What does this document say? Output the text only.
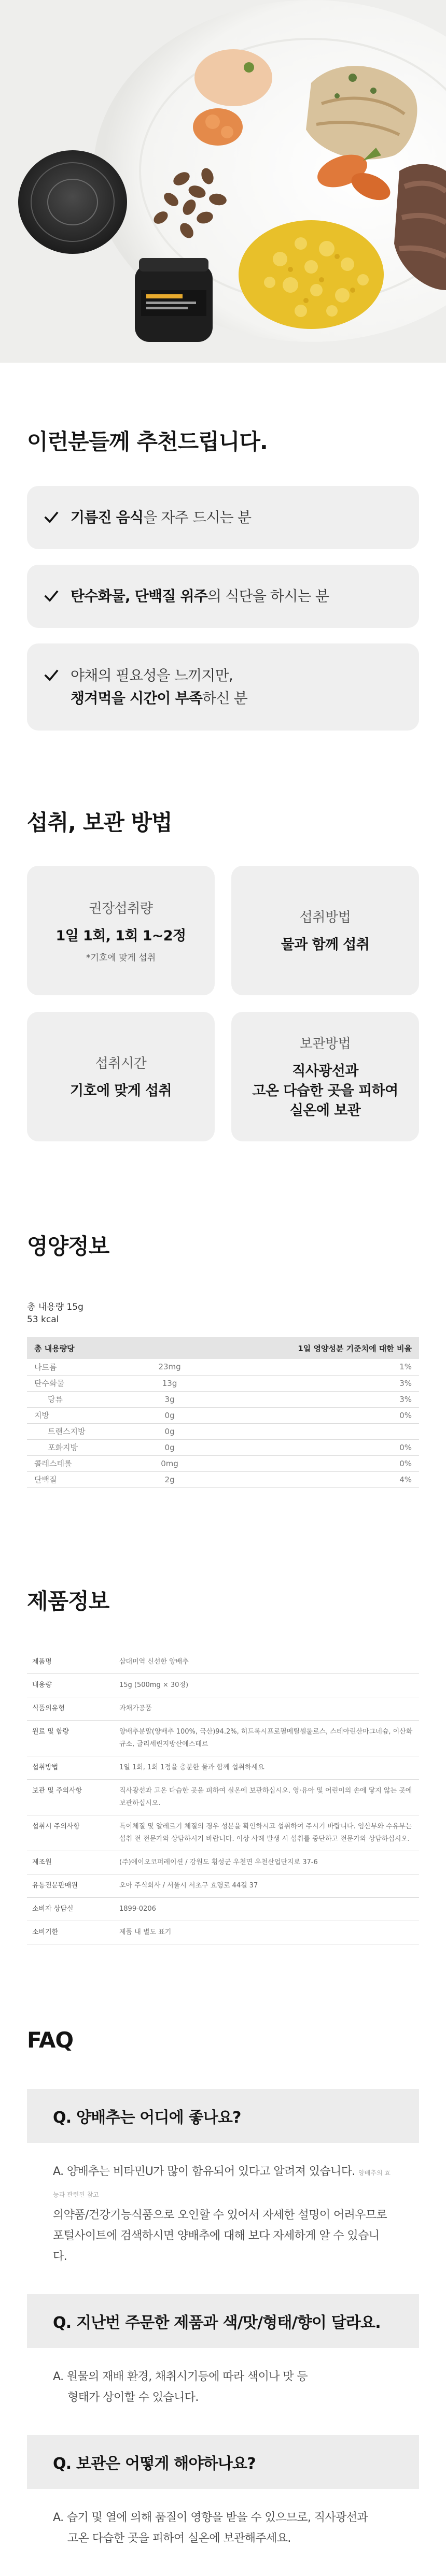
이런분들께 추천드립니다.
기름진 음식을 자주 드시는 분
탄수화물, 단백질 위주의 식단을 하시는 분
야채의 필요성을 느끼지만,
챙겨먹을 시간이 부족하신 분
섭취, 보관 방법
권장섭취량
1일 1회, 1회 1~2정
*기호에 맞게 섭취
섭취방법
물과 함께 섭취
섭취시간
기호에 맞게 섭취
보관방법
직사광선과
고온 다습한 곳을 피하여
실온에 보관
영양정보
총 내용량 15g
53 kcal
총 내용량당		1일 영양성분 기준치에 대한 비율
나트륨	23mg	1%
탄수화물	13g	3%
당류	3g	3%
지방	0g	0%
트랜스지방	0g	
포화지방	0g	0%
콜레스테롤	0mg	0%
단백질	2g	4%
제품정보
제품명	삼대미역 신선한 양배추
내용량	15g (500mg × 30정)
식품의유형	과채가공품
원료 및 함량	양배추분말(양배추 100%, 국산)94.2%, 히드록시프로필메틸셀룰로스, 스테아린산마그네슘, 이산화규소, 글리세린지방산에스테르
섭취방법	1일 1회, 1회 1정을 충분한 물과 함께 섭취하세요
보관 및 주의사항	직사광선과 고온 다습한 곳을 피하여 실온에 보관하십시오. 영·유아 및 어린이의 손에 닿지 않는 곳에 보관하십시오.
섭취시 주의사항	특이체질 및 알레르기 체질의 경우 성분을 확인하시고 섭취하여 주시기 바랍니다. 임산부와 수유부는 섭취 전 전문가와 상담하시기 바랍니다. 이상 사례 발생 시 섭취를 중단하고 전문가와 상담하십시오.
제조원	(주)에이오코퍼레이션 / 강원도 횡성군 우천면 우천산업단지로 37-6
유통전문판매원	오아 주식회사 / 서울시 서초구 효령로 44길 37
소비자 상담실	1899-0206
소비기한	제품 내 별도 표기
FAQ
Q. 양배추는 어디에 좋나요?
A. 양배추는 비타민U가 많이 함유되어 있다고 알려져 있습니다. 양배추의 효능과 관련된 참고
의약품/건강기능식품으로 오인할 수 있어서 자세한 설명이 어려우므로
포털사이트에 검색하시면 양배추에 대해 보다 자세하게 알 수 있습니다.
Q. 지난번 주문한 제품과 색/맛/형태/향이 달라요.
A. 원물의 재배 환경, 채취시기등에 따라 색이나 맛 등
형태가 상이할 수 있습니다.
Q. 보관은 어떻게 해야하나요?
A. 습기 및 열에 의해 품질이 영향을 받을 수 있으므로, 직사광선과
고온 다습한 곳을 피하여 실온에 보관해주세요.
